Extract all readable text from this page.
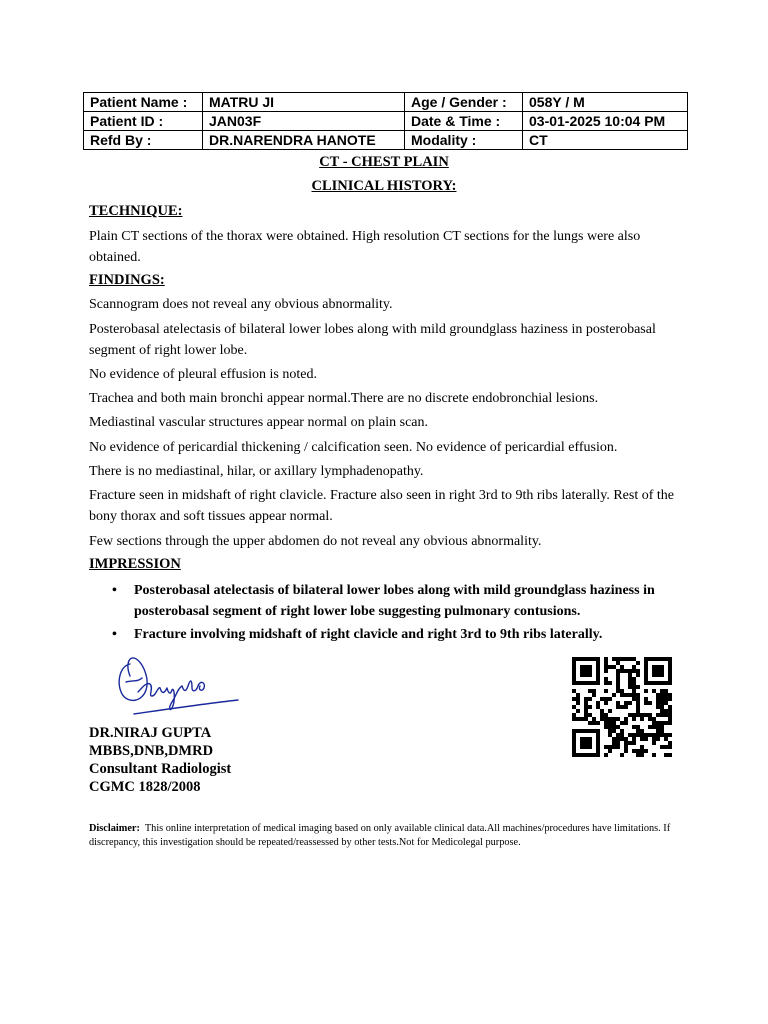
Patient Name :	MATRU JI	Age / Gender :	058Y / M
Patient ID :	JAN03F	Date & Time :	03-01-2025 10:04 PM
Refd By :	DR.NARENDRA HANOTE	Modality :	CT
CT - CHEST PLAIN
CLINICAL HISTORY:
TECHNIQUE:
Plain CT sections of the thorax were obtained. High resolution CT sections for the lungs were also obtained.
FINDINGS:
Scannogram does not reveal any obvious abnormality.
Posterobasal atelectasis of bilateral lower lobes along with mild groundglass haziness in posterobasal segment of right lower lobe.
No evidence of pleural effusion is noted.
Trachea and both main bronchi appear normal.There are no discrete endobronchial lesions.
Mediastinal vascular structures appear normal on plain scan.
No evidence of pericardial thickening / calcification seen. No evidence of pericardial effusion.
There is no mediastinal, hilar, or axillary lymphadenopathy.
Fracture seen in midshaft of right clavicle. Fracture also seen in right 3rd to 9th ribs laterally. Rest of the bony thorax and soft tissues appear normal.
Few sections through the upper abdomen do not reveal any obvious abnormality.
IMPRESSION
• Posterobasal atelectasis of bilateral lower lobes along with mild groundglass haziness in posterobasal segment of right lower lobe suggesting pulmonary contusions.
• Fracture involving midshaft of right clavicle and right 3rd to 9th ribs laterally.
DR.NIRAJ GUPTA
MBBS,DNB,DMRD
Consultant Radiologist
CGMC 1828/2008
Disclaimer: This online interpretation of medical imaging based on only available clinical data.All machines/procedures have limitations. If discrepancy, this investigation should be repeated/reassessed by other tests.Not for Medicolegal purpose.
